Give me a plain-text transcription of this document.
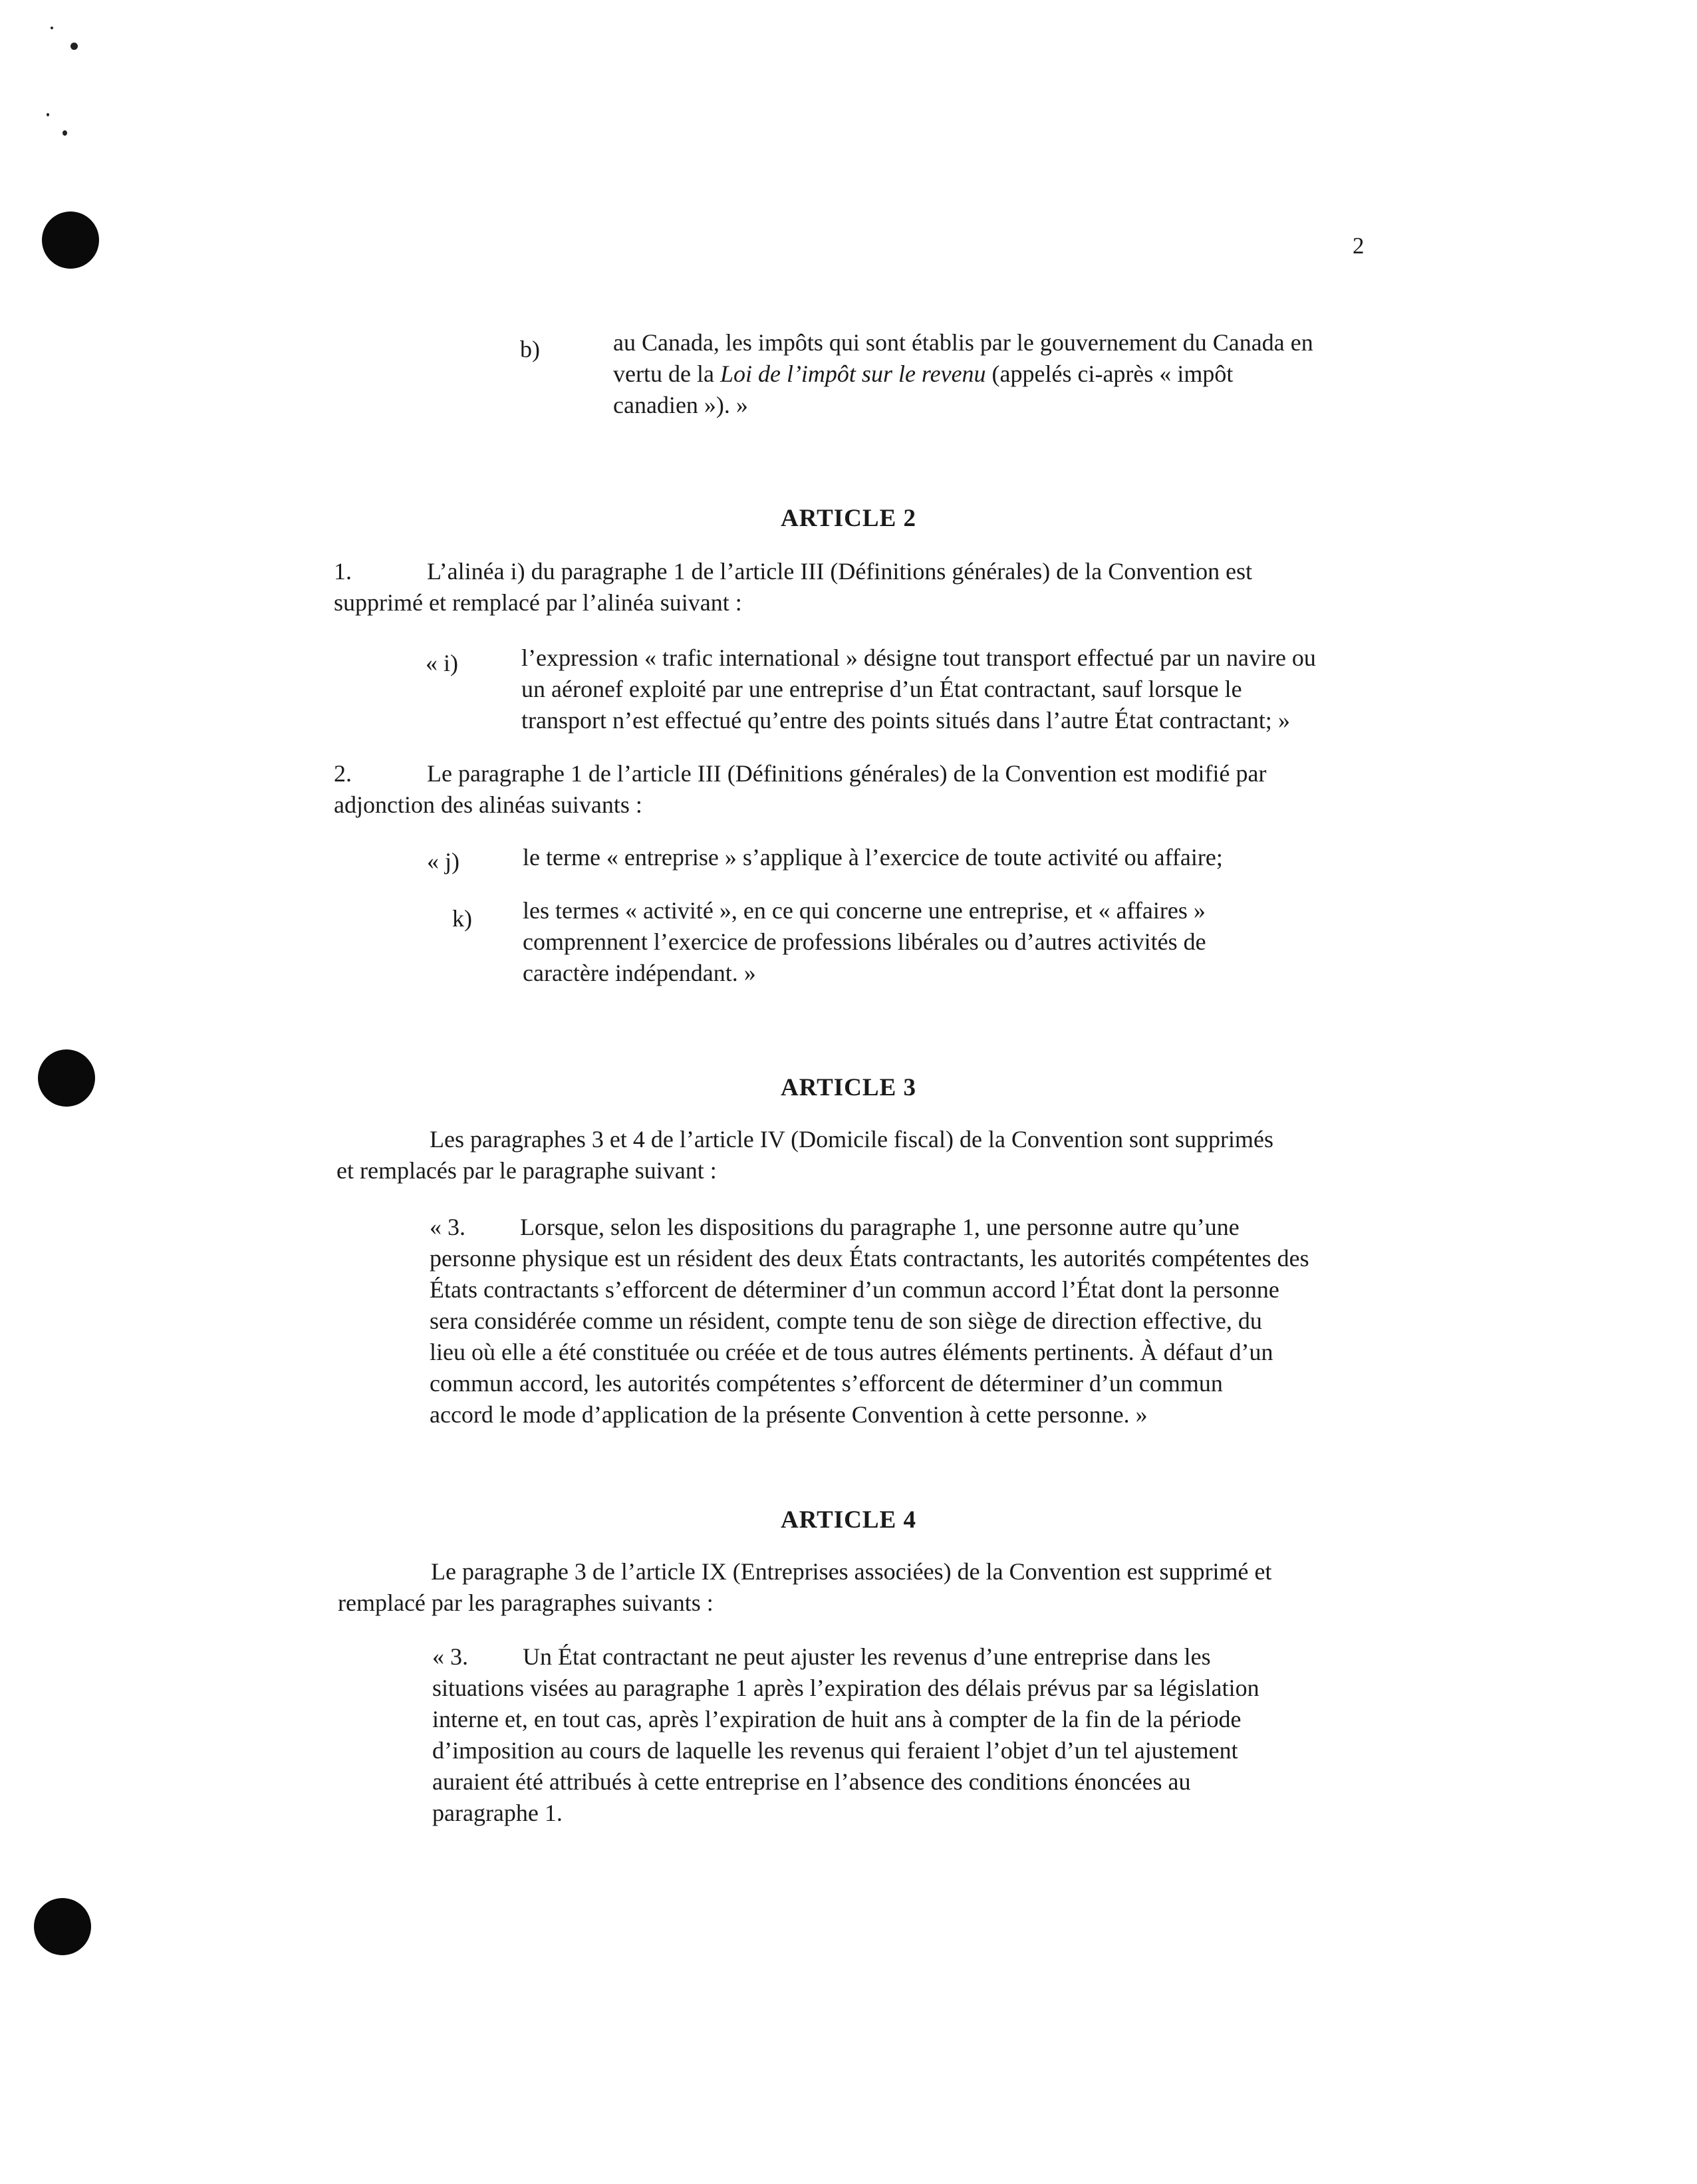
2
b)	au Canada, les impôts qui sont établis par le gouvernement du Canada en
vertu de la Loi de l’impôt sur le revenu (appelés ci-après « impôt
canadien »). »
ARTICLE 2
1.	L’alinéa i) du paragraphe 1 de l’article III (Définitions générales) de la Convention est
supprimé et remplacé par l’alinéa suivant :
« i)	l’expression « trafic international » désigne tout transport effectué par un navire ou
un aéronef exploité par une entreprise d’un État contractant, sauf lorsque le
transport n’est effectué qu’entre des points situés dans l’autre État contractant; »
2.	Le paragraphe 1 de l’article III (Définitions générales) de la Convention est modifié par
adjonction des alinéas suivants :
« j)	le terme « entreprise » s’applique à l’exercice de toute activité ou affaire;
k) les termes « activité », en ce qui concerne une entreprise, et « affaires »
comprennent l’exercice de professions libérales ou d’autres activités de
caractère indépendant. »
ARTICLE 3
Les paragraphes 3 et 4 de l’article IV (Domicile fiscal) de la Convention sont supprimés
et remplacés par le paragraphe suivant :
« 3. Lorsque, selon les dispositions du paragraphe 1, une personne autre qu’une
personne physique est un résident des deux États contractants, les autorités compétentes des
États contractants s’efforcent de déterminer d’un commun accord l’État dont la personne
sera considérée comme un résident, compte tenu de son siège de direction effective, du
lieu où elle a été constituée ou créée et de tous autres éléments pertinents. À défaut d’un
commun accord, les autorités compétentes s’efforcent de déterminer d’un commun
accord le mode d’application de la présente Convention à cette personne. »
ARTICLE 4
Le paragraphe 3 de l’article IX (Entreprises associées) de la Convention est supprimé et
remplacé par les paragraphes suivants :
« 3. Un État contractant ne peut ajuster les revenus d’une entreprise dans les
situations visées au paragraphe 1 après l’expiration des délais prévus par sa législation
interne et, en tout cas, après l’expiration de huit ans à compter de la fin de la période
d’imposition au cours de laquelle les revenus qui feraient l’objet d’un tel ajustement
auraient été attribués à cette entreprise en l’absence des conditions énoncées au
paragraphe 1.
